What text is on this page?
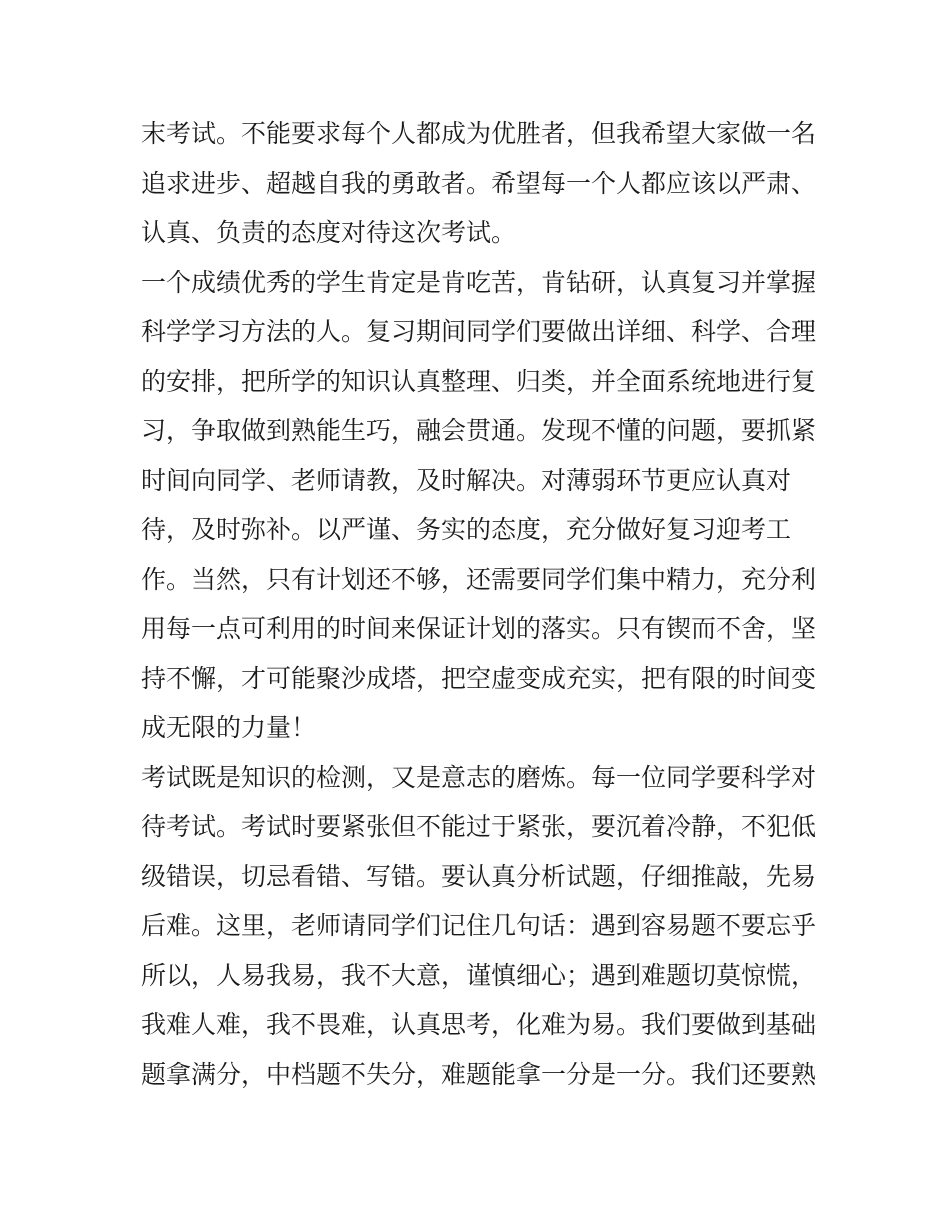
末考试。不能要求每个人都成为优胜者，但我希望大家做一名
追求进步、超越自我的勇敢者。希望每一个人都应该以严肃、
认真、负责的态度对待这次考试。
一个成绩优秀的学生肯定是肯吃苦，肯钻研，认真复习并掌握
科学学习方法的人。复习期间同学们要做出详细、科学、合理
的安排，把所学的知识认真整理、归类，并全面系统地进行复
习，争取做到熟能生巧，融会贯通。发现不懂的问题，要抓紧
时间向同学、老师请教，及时解决。对薄弱环节更应认真对
待，及时弥补。以严谨、务实的态度，充分做好复习迎考工
作。当然，只有计划还不够，还需要同学们集中精力，充分利
用每一点可利用的时间来保证计划的落实。只有锲而不舍，坚
持不懈，才可能聚沙成塔，把空虚变成充实，把有限的时间变
成无限的力量！
考试既是知识的检测，又是意志的磨炼。每一位同学要科学对
待考试。考试时要紧张但不能过于紧张，要沉着冷静，不犯低
级错误，切忌看错、写错。要认真分析试题，仔细推敲，先易
后难。这里，老师请同学们记住几句话：遇到容易题不要忘乎
所以，人易我易，我不大意，谨慎细心；遇到难题切莫惊慌，
我难人难，我不畏难，认真思考，化难为易。我们要做到基础
题拿满分，中档题不失分，难题能拿一分是一分。我们还要熟
